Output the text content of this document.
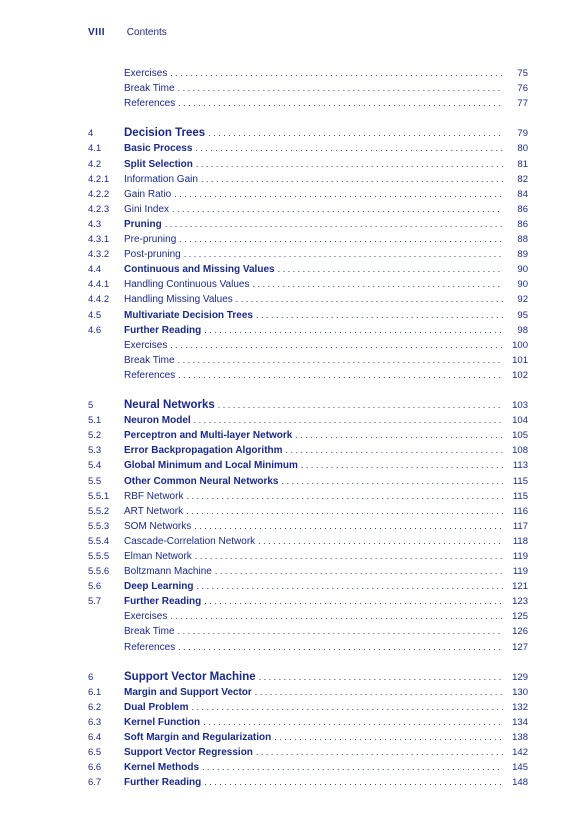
VIII Contents
Exercises . . .	75
Break Time . . .	76
References . . .	77
4	Decision Trees . . .	79
4.1	Basic Process . . .	80
4.2	Split Selection . . .	81
4.2.1	Information Gain . . .	82
4.2.2	Gain Ratio . . .	84
4.2.3	Gini Index . . .	86
4.3	Pruning . . .	86
4.3.1	Pre-pruning . . .	88
4.3.2	Post-pruning . . .	89
4.4	Continuous and Missing Values . . .	90
4.4.1	Handling Continuous Values . . .	90
4.4.2	Handling Missing Values . . .	92
4.5	Multivariate Decision Trees . . .	95
4.6	Further Reading . . .	98
Exercises . . .	100
Break Time . . .	101
References . . .	102
5	Neural Networks . . .	103
5.1	Neuron Model . . .	104
5.2	Perceptron and Multi-layer Network . . .	105
5.3	Error Backpropagation Algorithm . . .	108
5.4	Global Minimum and Local Minimum . . .	113
5.5	Other Common Neural Networks . . .	115
5.5.1	RBF Network . . .	115
5.5.2	ART Network . . .	116
5.5.3	SOM Networks . . .	117
5.5.4	Cascade-Correlation Network . . .	118
5.5.5	Elman Network . . .	119
5.5.6	Boltzmann Machine . . .	119
5.6	Deep Learning . . .	121
5.7	Further Reading . . .	123
Exercises . . .	125
Break Time . . .	126
References . . .	127
6	Support Vector Machine . . .	129
6.1	Margin and Support Vector . . .	130
6.2	Dual Problem . . .	132
6.3	Kernel Function . . .	134
6.4	Soft Margin and Regularization . . .	138
6.5	Support Vector Regression . . .	142
6.6	Kernel Methods . . .	145
6.7	Further Reading . . .	148
